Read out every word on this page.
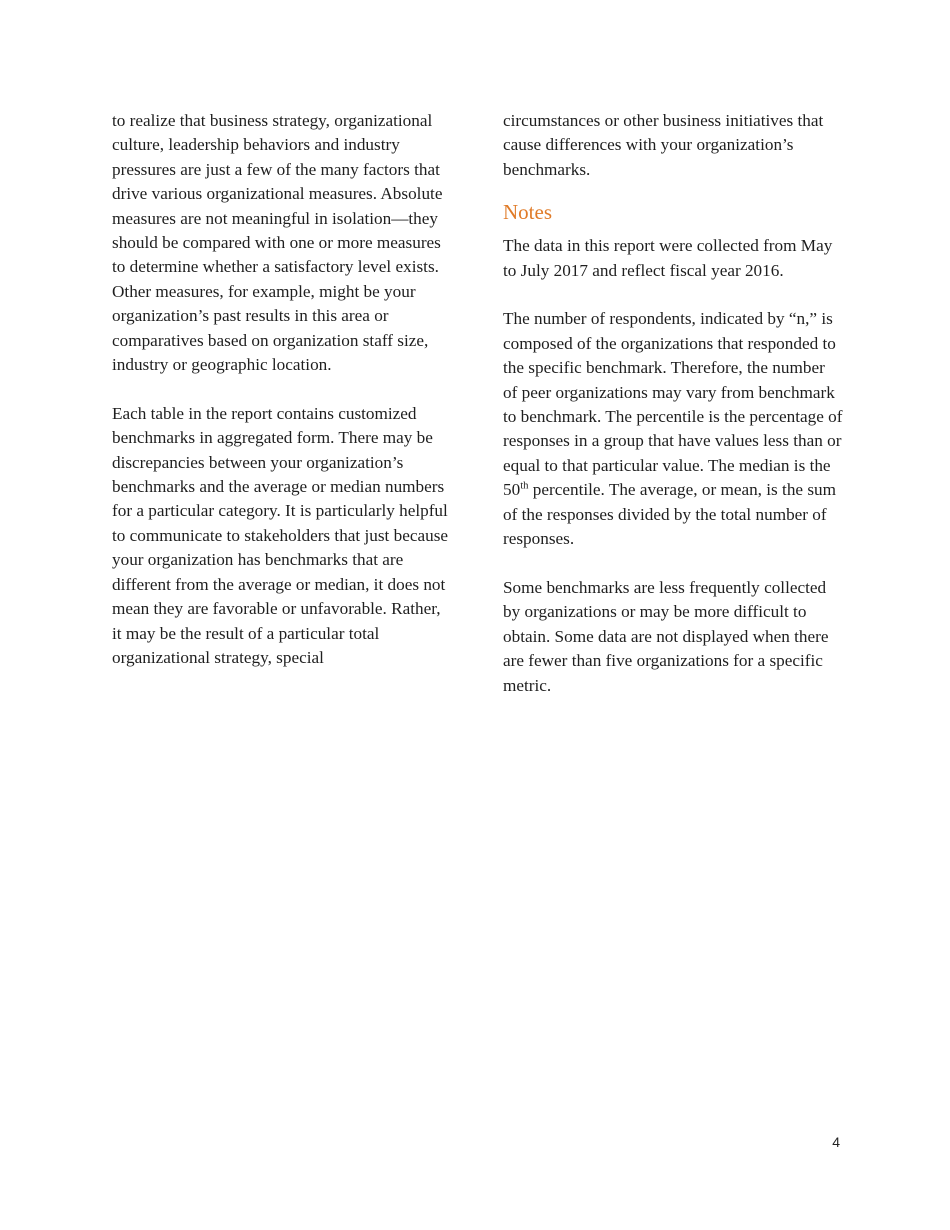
to realize that business strategy, organizational culture, leadership behaviors and industry pressures are just a few of the many factors that drive various organizational measures. Absolute measures are not meaningful in isolation—they should be compared with one or more measures to determine whether a satisfactory level exists. Other measures, for example, might be your organization’s past results in this area or comparatives based on organization staff size, industry or geographic location.

Each table in the report contains customized benchmarks in aggregated form. There may be discrepancies between your organization’s benchmarks and the average or median numbers for a particular category. It is particularly helpful to communicate to stakeholders that just because your organization has benchmarks that are different from the average or median, it does not mean they are favorable or unfavorable. Rather, it may be the result of a particular total organizational strategy, special

circumstances or other business initiatives that cause differences with your organization’s benchmarks.

Notes

The data in this report were collected from May to July 2017 and reflect fiscal year 2016.

The number of respondents, indicated by “n,” is composed of the organizations that responded to the specific benchmark. Therefore, the number of peer organizations may vary from benchmark to benchmark. The percentile is the percentage of responses in a group that have values less than or equal to that particular value. The median is the 50th percentile. The average, or mean, is the sum of the responses divided by the total number of responses.

Some benchmarks are less frequently collected by organizations or may be more difficult to obtain. Some data are not displayed when there are fewer than five organizations for a specific metric.

4
